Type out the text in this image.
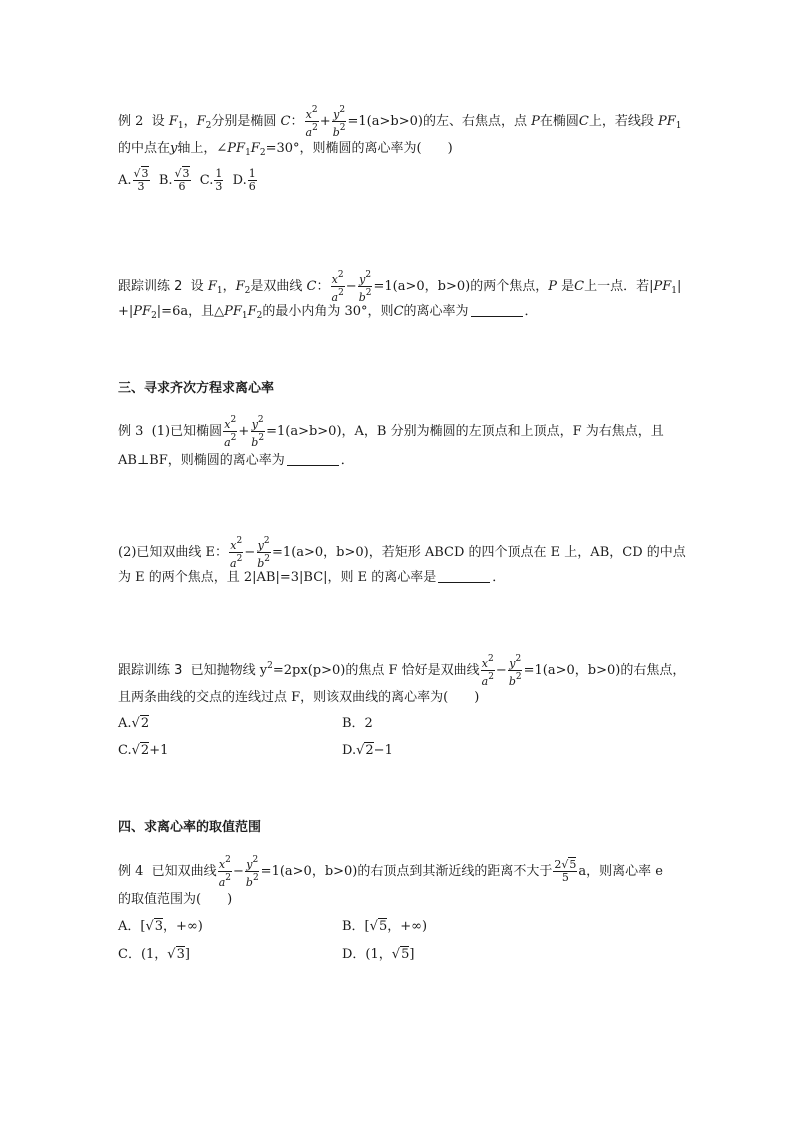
例 2 设 $F_1$，$F_2$分别是椭圆 C： $\frac{x^2}{a^2} + \frac{y^2}{b^2} =1(a>b>0)$的左、右焦点，点 P在椭圆C上，若线段 $PF_1$
的中点在y轴上，$\angle PF_1F_2=30^\circ$，则椭圆的离心率为(　　)
A. $\frac{√3}{3} B$. $\frac{√3}{6} C$. $\frac{1}{3} D$. $\frac{1}{6}$
跟踪训练 2 设 $F_1$，$F_2$是双曲线 C： $\frac{x^2}{a^2} - \frac{y^2}{b^2} =1(a>0$，b>0)的两个焦点，P 是C上一点．若$|PF_1|$
$+|PF_2|=6a$，且$\triangle PF_1F_2$的最小内角为 30°，则C的离心率为	．
三、寻求齐次方程求离心率
例 3 (1)已知椭圆 $\frac{x^2}{a^2} + \frac{y^2}{b^2} =1(a>b>0)$，A，B 分别为椭圆的左顶点和上顶点，F 为右焦点，且
AB⊥BF，则椭圆的离心率为	．
(2)已知双曲线 E： $\frac{x^2}{a^2} - \frac{y^2}{b^2} =1(a>0$，b>0)，若矩形 ABCD 的四个顶点在 E 上，AB，CD 的中点
为 E 的两个焦点，且 2|AB|=3|BC|，则 E 的离心率是	．
跟踪训练 3 已知抛物线 $y^2=2px(p>0)$的焦点 F 恰好是双曲线 $\frac{x^2}{a^2} - \frac{y^2}{b^2} =1(a>0$，b>0)的右焦点，
且两条曲线的交点的连线过点 F，则该双曲线的离心率为(　　)
A.√2	B．2
C.√2+1	D.√2−1
四、求离心率的取值范围
例 4 已知双曲线 $\frac{x^2}{a^2} - \frac{y^2}{b^2} =1(a>0$，b>0)的右顶点到其渐近线的距离不大于 $\frac{2√5}{5}$ a，则离心率 e
的取值范围为(　　)
A．[√3，+∞)	B．[√5，+∞)
C．(1，√3]	D．(1，√5]
